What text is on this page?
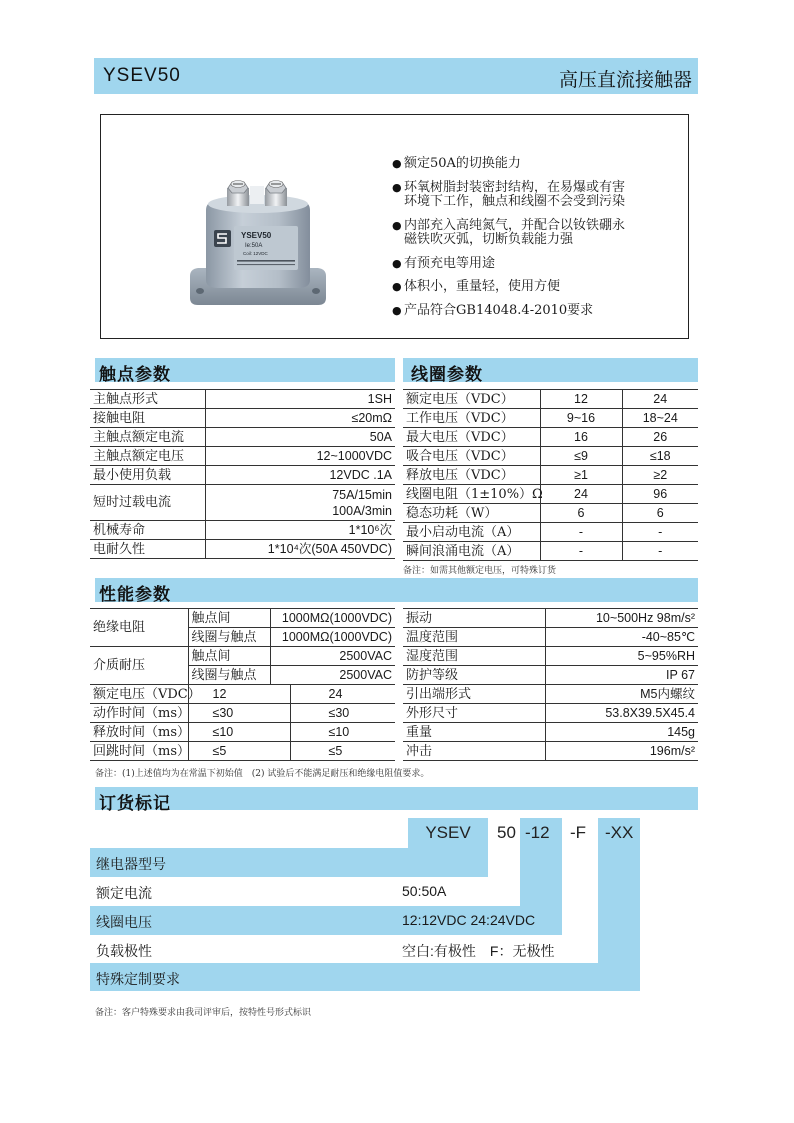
YSEV50	高压直流接触器
YSEV50
Ie:50A
Coil: 12VDC
● 额定50A的切换能力
● 环氧树脂封装密封结构，在易爆或有害
环境下工作，触点和线圈不会受到污染
● 内部充入高纯氮气，并配合以钕铁硼永
磁铁吹灭弧，切断负载能力强
● 有预充电等用途
● 体积小，重量轻，使用方便
● 产品符合GB14048.4-2010要求
触点参数
主触点形式	1SH
接触电阻	≤20mΩ
主触点额定电流	50A
主触点额定电压	12~1000VDC
最小使用负载	12VDC .1A
短时过载电流	75A/15min
100A/3min

机械寿命	1*10⁶次
电耐久性	1*10⁴次(50A 450VDC)
线圈参数
额定电压（VDC）	12	24
工作电压（VDC）	9~16	18~24
最大电压（VDC）	16	26
吸合电压（VDC）	≤9	≤18
释放电压（VDC）	≥1	≥2
线圈电阻（1±10%）Ω	24	96
稳态功耗（W）	6	6
最小启动电流（A）	-	-
瞬间浪涌电流（A）	-	-
备注：如需其他额定电压，可特殊订货
性能参数
绝缘电阻	触点间	1000MΩ(1000VDC)	
	线圈与触点	1000MΩ(1000VDC)	
介质耐压	触点间	2500VAC	
	线圈与触点	2500VAC	
额定电压（VDC）	12		24
动作时间（ms）	≤30		≤30
释放时间（ms）	≤10		≤10
回跳时间（ms）	≤5		≤5
振动	10~500Hz 98m/s²
温度范围	-40~85℃
湿度范围	5~95%RH
防护等级	IP 67
引出端形式	M5内螺纹
外形尺寸	53.8X39.5X45.4
重量	145g
冲击	196m/s²
备注：(1)上述值均为在常温下初始值　(2) 试验后不能满足耐压和绝缘电阻值要求。
订货标记
YSEV	50 -12 -F -XX
继电器型号
额定电流	50:50A
线圈电压	12:12VDC 24:24VDC
负载极性	空白:有极性　F：无极性
特殊定制要求
备注：客户特殊要求由我司评审后，按特性号形式标识
